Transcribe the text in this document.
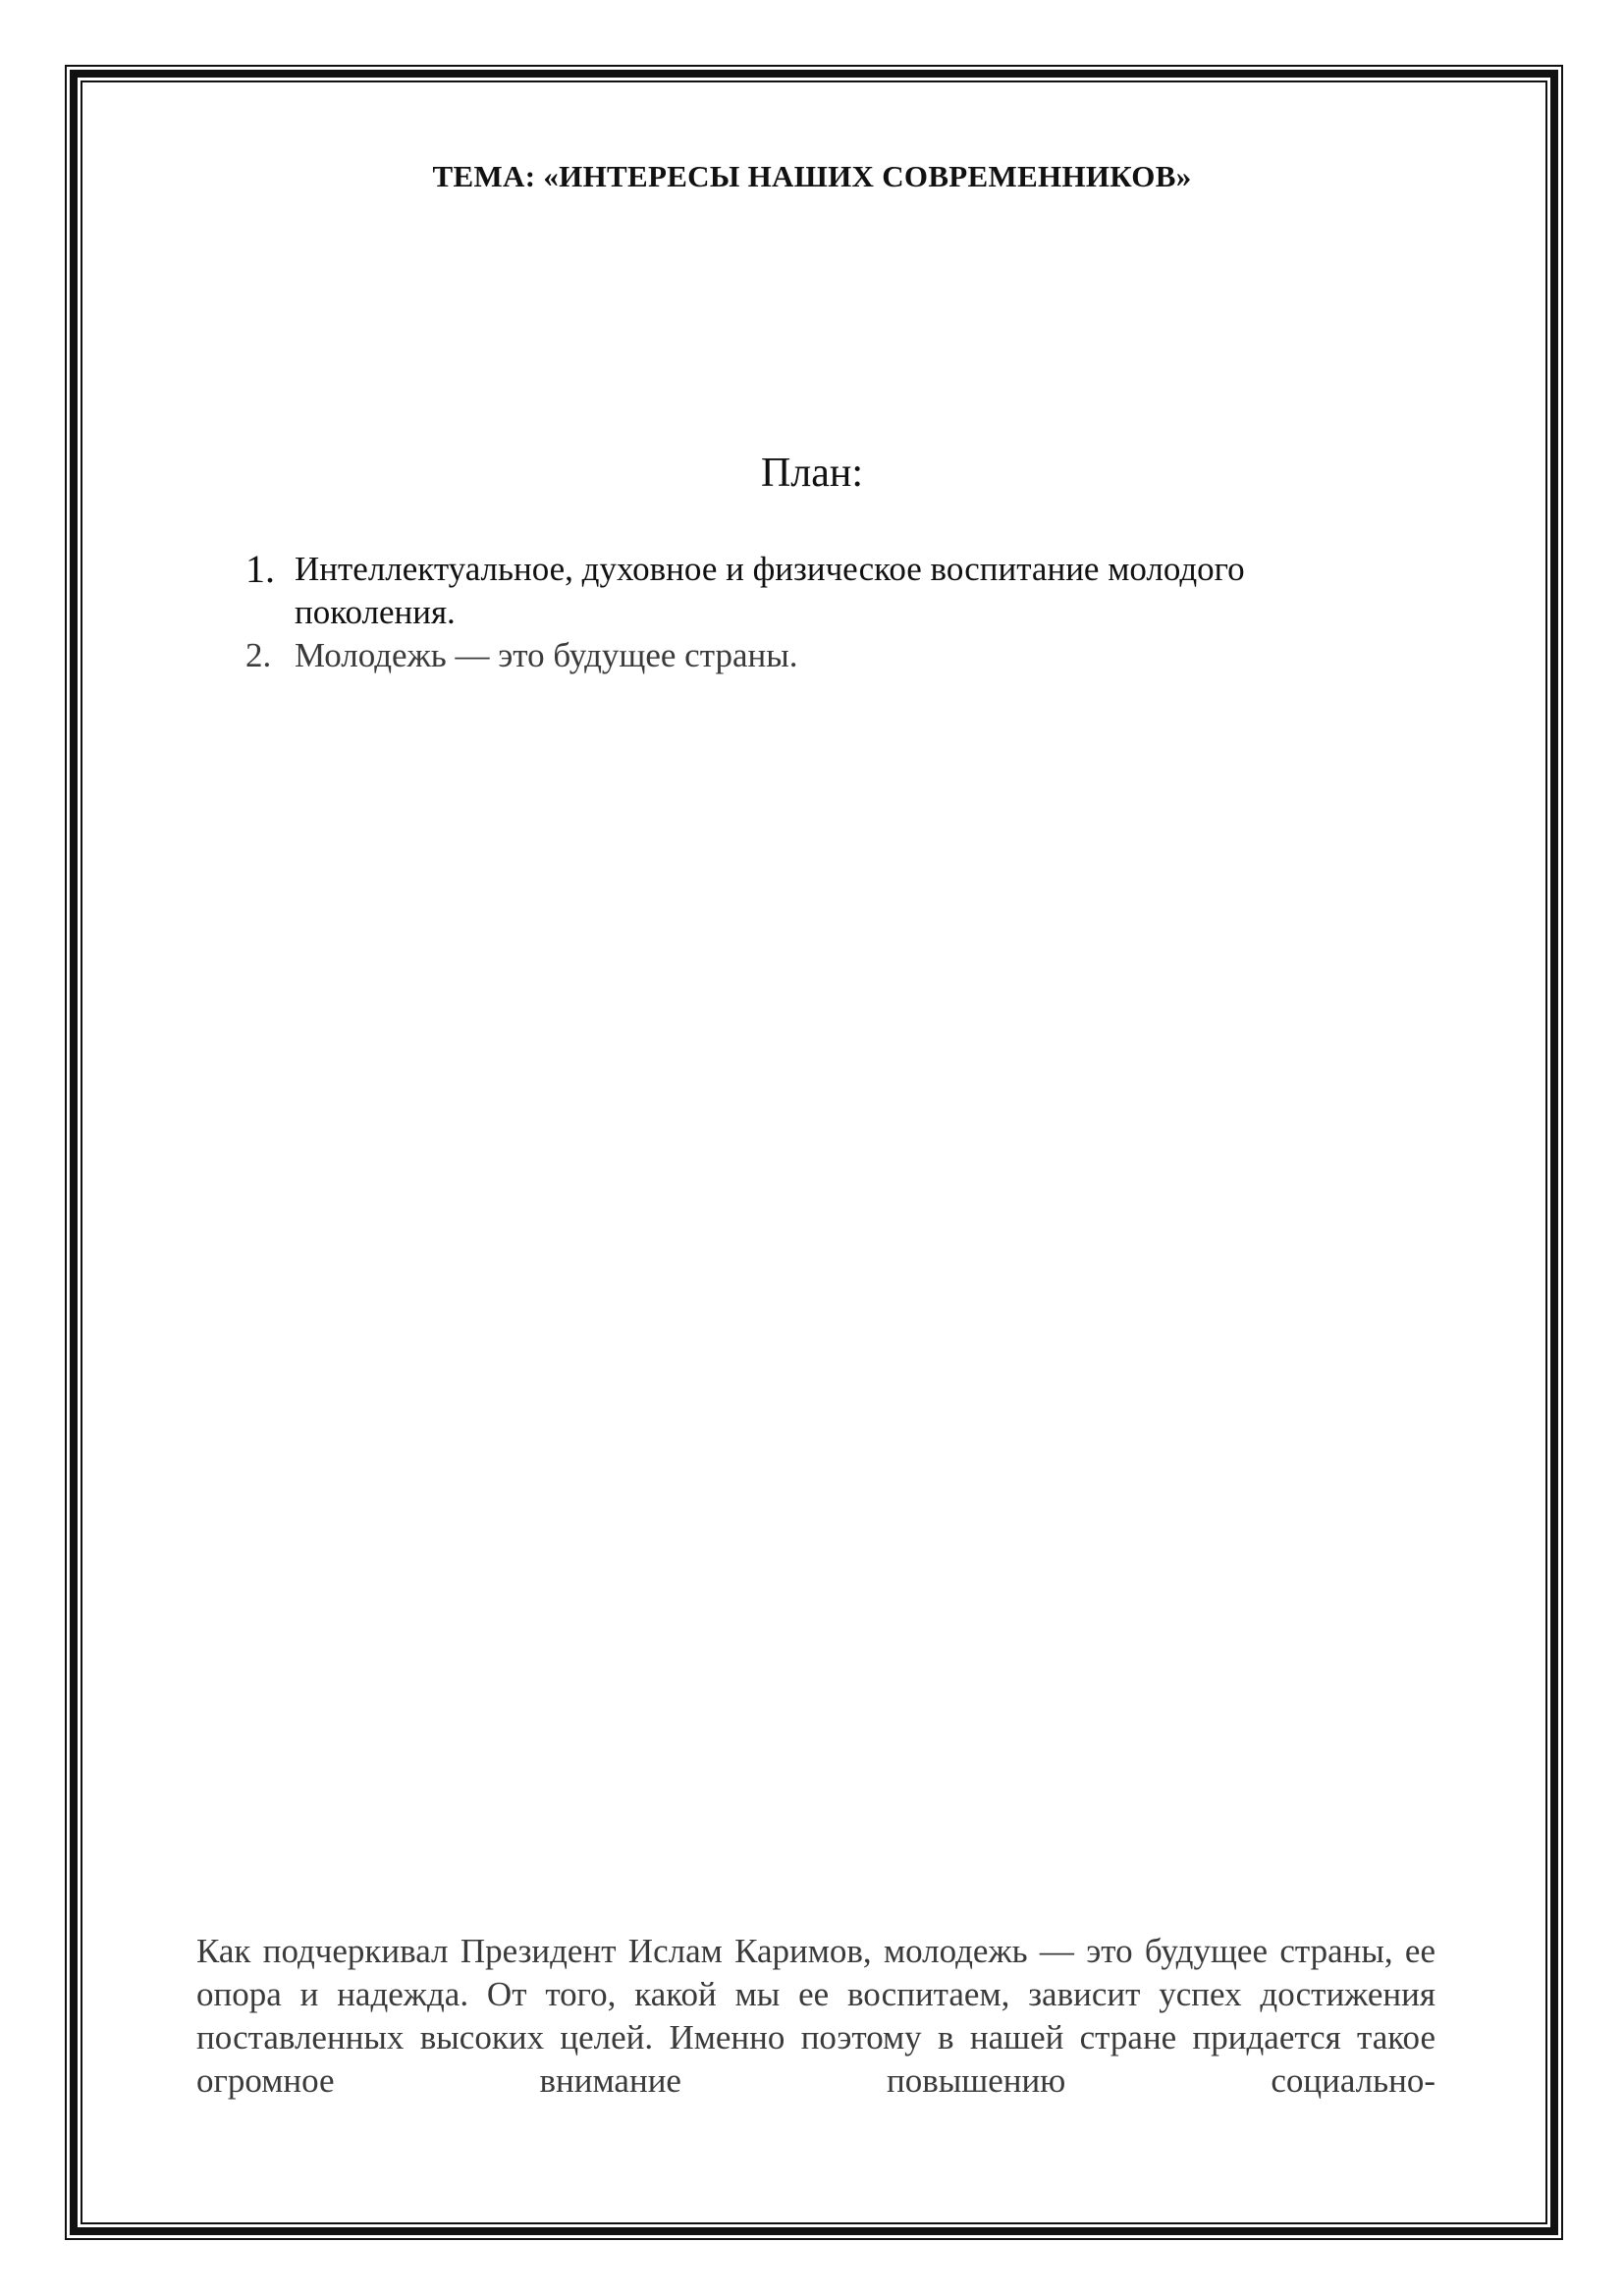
ТЕМА: «ИНТЕРЕСЫ НАШИХ СОВРЕМЕННИКОВ»
План:
1. Интеллектуальное, духовное и физическое воспитание молодого поколения.
2. Молодежь — это будущее страны.

Как подчеркивал Президент Ислам Каримов, молодежь — это будущее страны, ее опора и надежда. От того, какой мы ее воспитаем, зависит успех достижения поставленных высоких целей. Именно поэтому в нашей стране придается такое огромное внимание повышению социально-
